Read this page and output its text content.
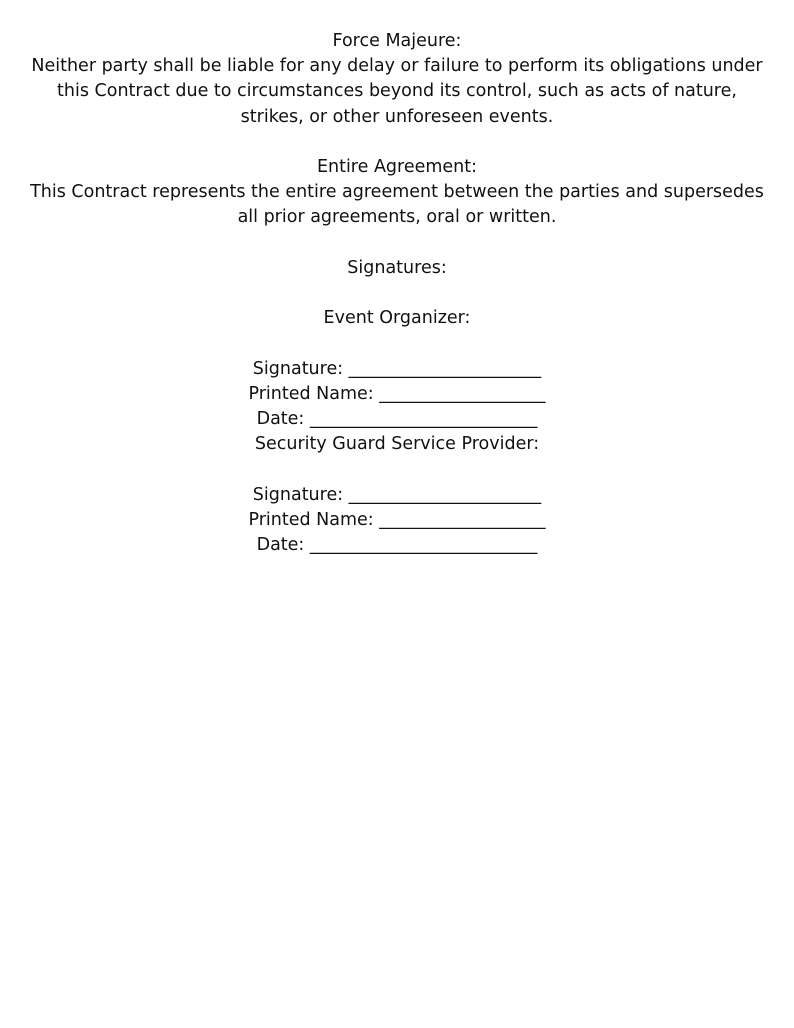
Force Majeure:
Neither party shall be liable for any delay or failure to perform its obligations under
this Contract due to circumstances beyond its control, such as acts of nature,
strikes, or other unforeseen events.
Entire Agreement:
This Contract represents the entire agreement between the parties and supersedes
all prior agreements, oral or written.
Signatures:
Event Organizer:
Signature: ______________________
Printed Name: ___________________
Date: __________________________
Security Guard Service Provider:
Signature: ______________________
Printed Name: ___________________
Date: __________________________
